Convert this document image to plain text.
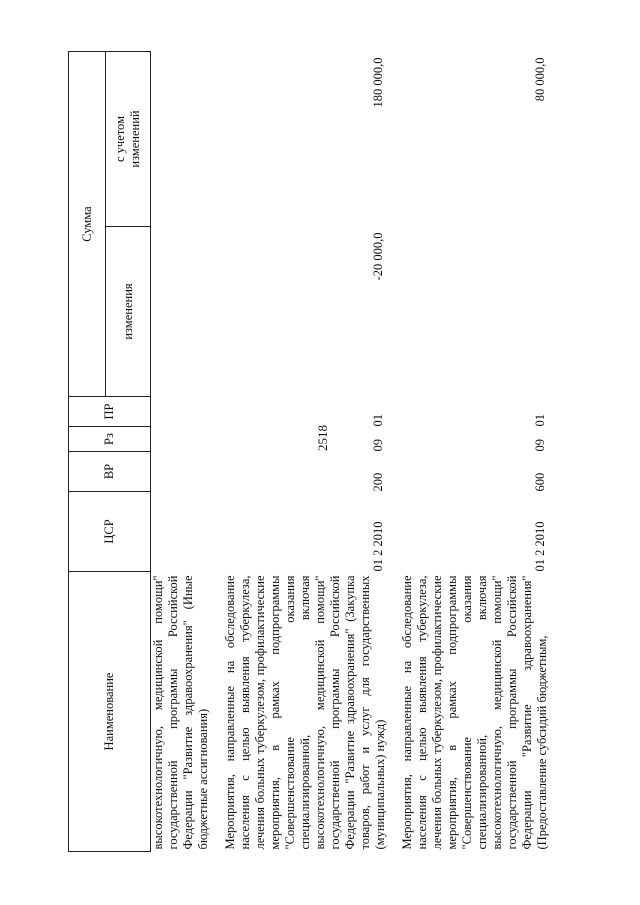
2518
Наименование	ЦСР	ВР	Рз	ПР	Сумма	
					изменения	с учетом
изменений

высокотехнологичную, медицинской помощи" государственной программы Российской Федерации "Развитие здравоохранения" (Иные бюджетные ассигнования)						

Мероприятия, направленные на обследование населения с целью выявления туберкулеза, лечения больных туберкулезом, профилактические мероприятия, в рамках подпрограммы "Совершенствование оказания специализированной, включая высокотехнологичную, медицинской помощи" государственной программы Российской Федерации "Развитие здравоохранения" (Закупка товаров, работ и услуг для государственных (муниципальных) нужд)	01 2 2010	200	09	01	-20 000,0	180 000,0

Мероприятия, направленные на обследование населения с целью выявления туберкулеза, лечения больных туберкулезом, профилактические мероприятия, в рамках подпрограммы "Совершенствование оказания специализированной, включая высокотехнологичную, медицинской помощи" государственной программы Российской Федерации "Развитие здравоохранения" (Предоставление субсидий бюджетным,	01 2 2010	600	09	01		80 000,0
